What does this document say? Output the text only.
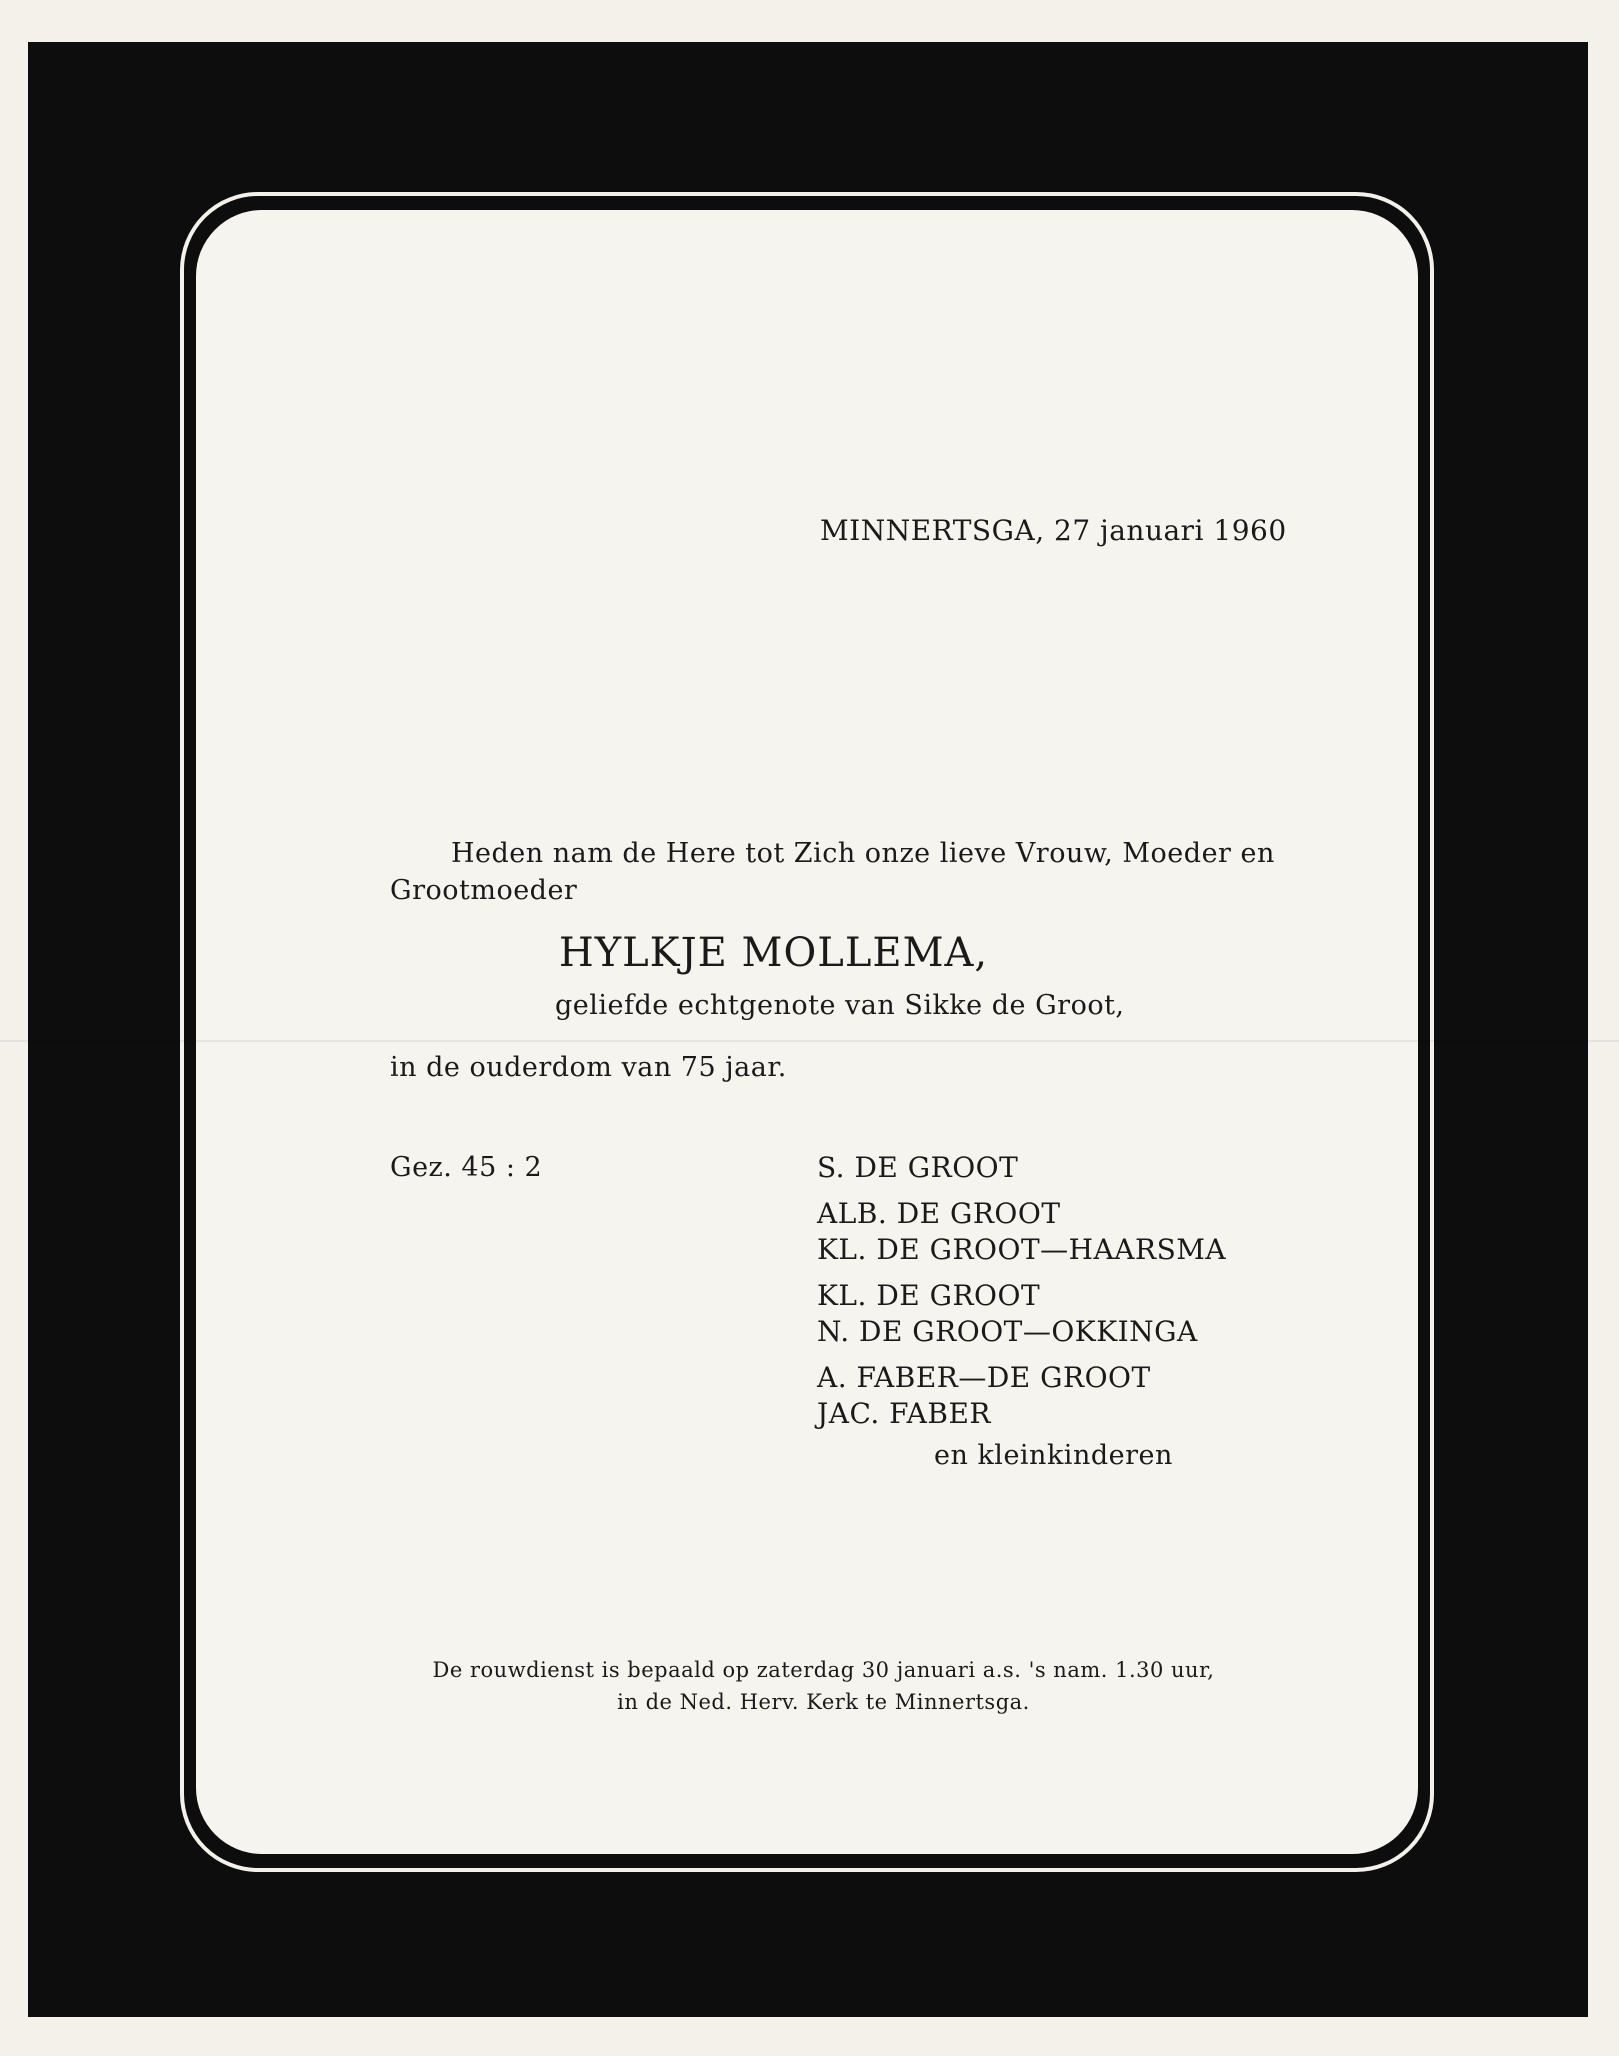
MINNERTSGA, 27 januari 1960
Heden nam de Here tot Zich onze lieve Vrouw, Moeder en
Grootmoeder
HYLKJE MOLLEMA,
geliefde echtgenote van Sikke de Groot,
in de ouderdom van 75 jaar.
Gez. 45 : 2	S. DE GROOT
ALB. DE GROOT
KL. DE GROOT—HAARSMA
KL. DE GROOT
N. DE GROOT—OKKINGA
A. FABER—DE GROOT
JAC. FABER
en kleinkinderen
De rouwdienst is bepaald op zaterdag 30 januari a.s. 's nam. 1.30 uur,
in de Ned. Herv. Kerk te Minnertsga.
